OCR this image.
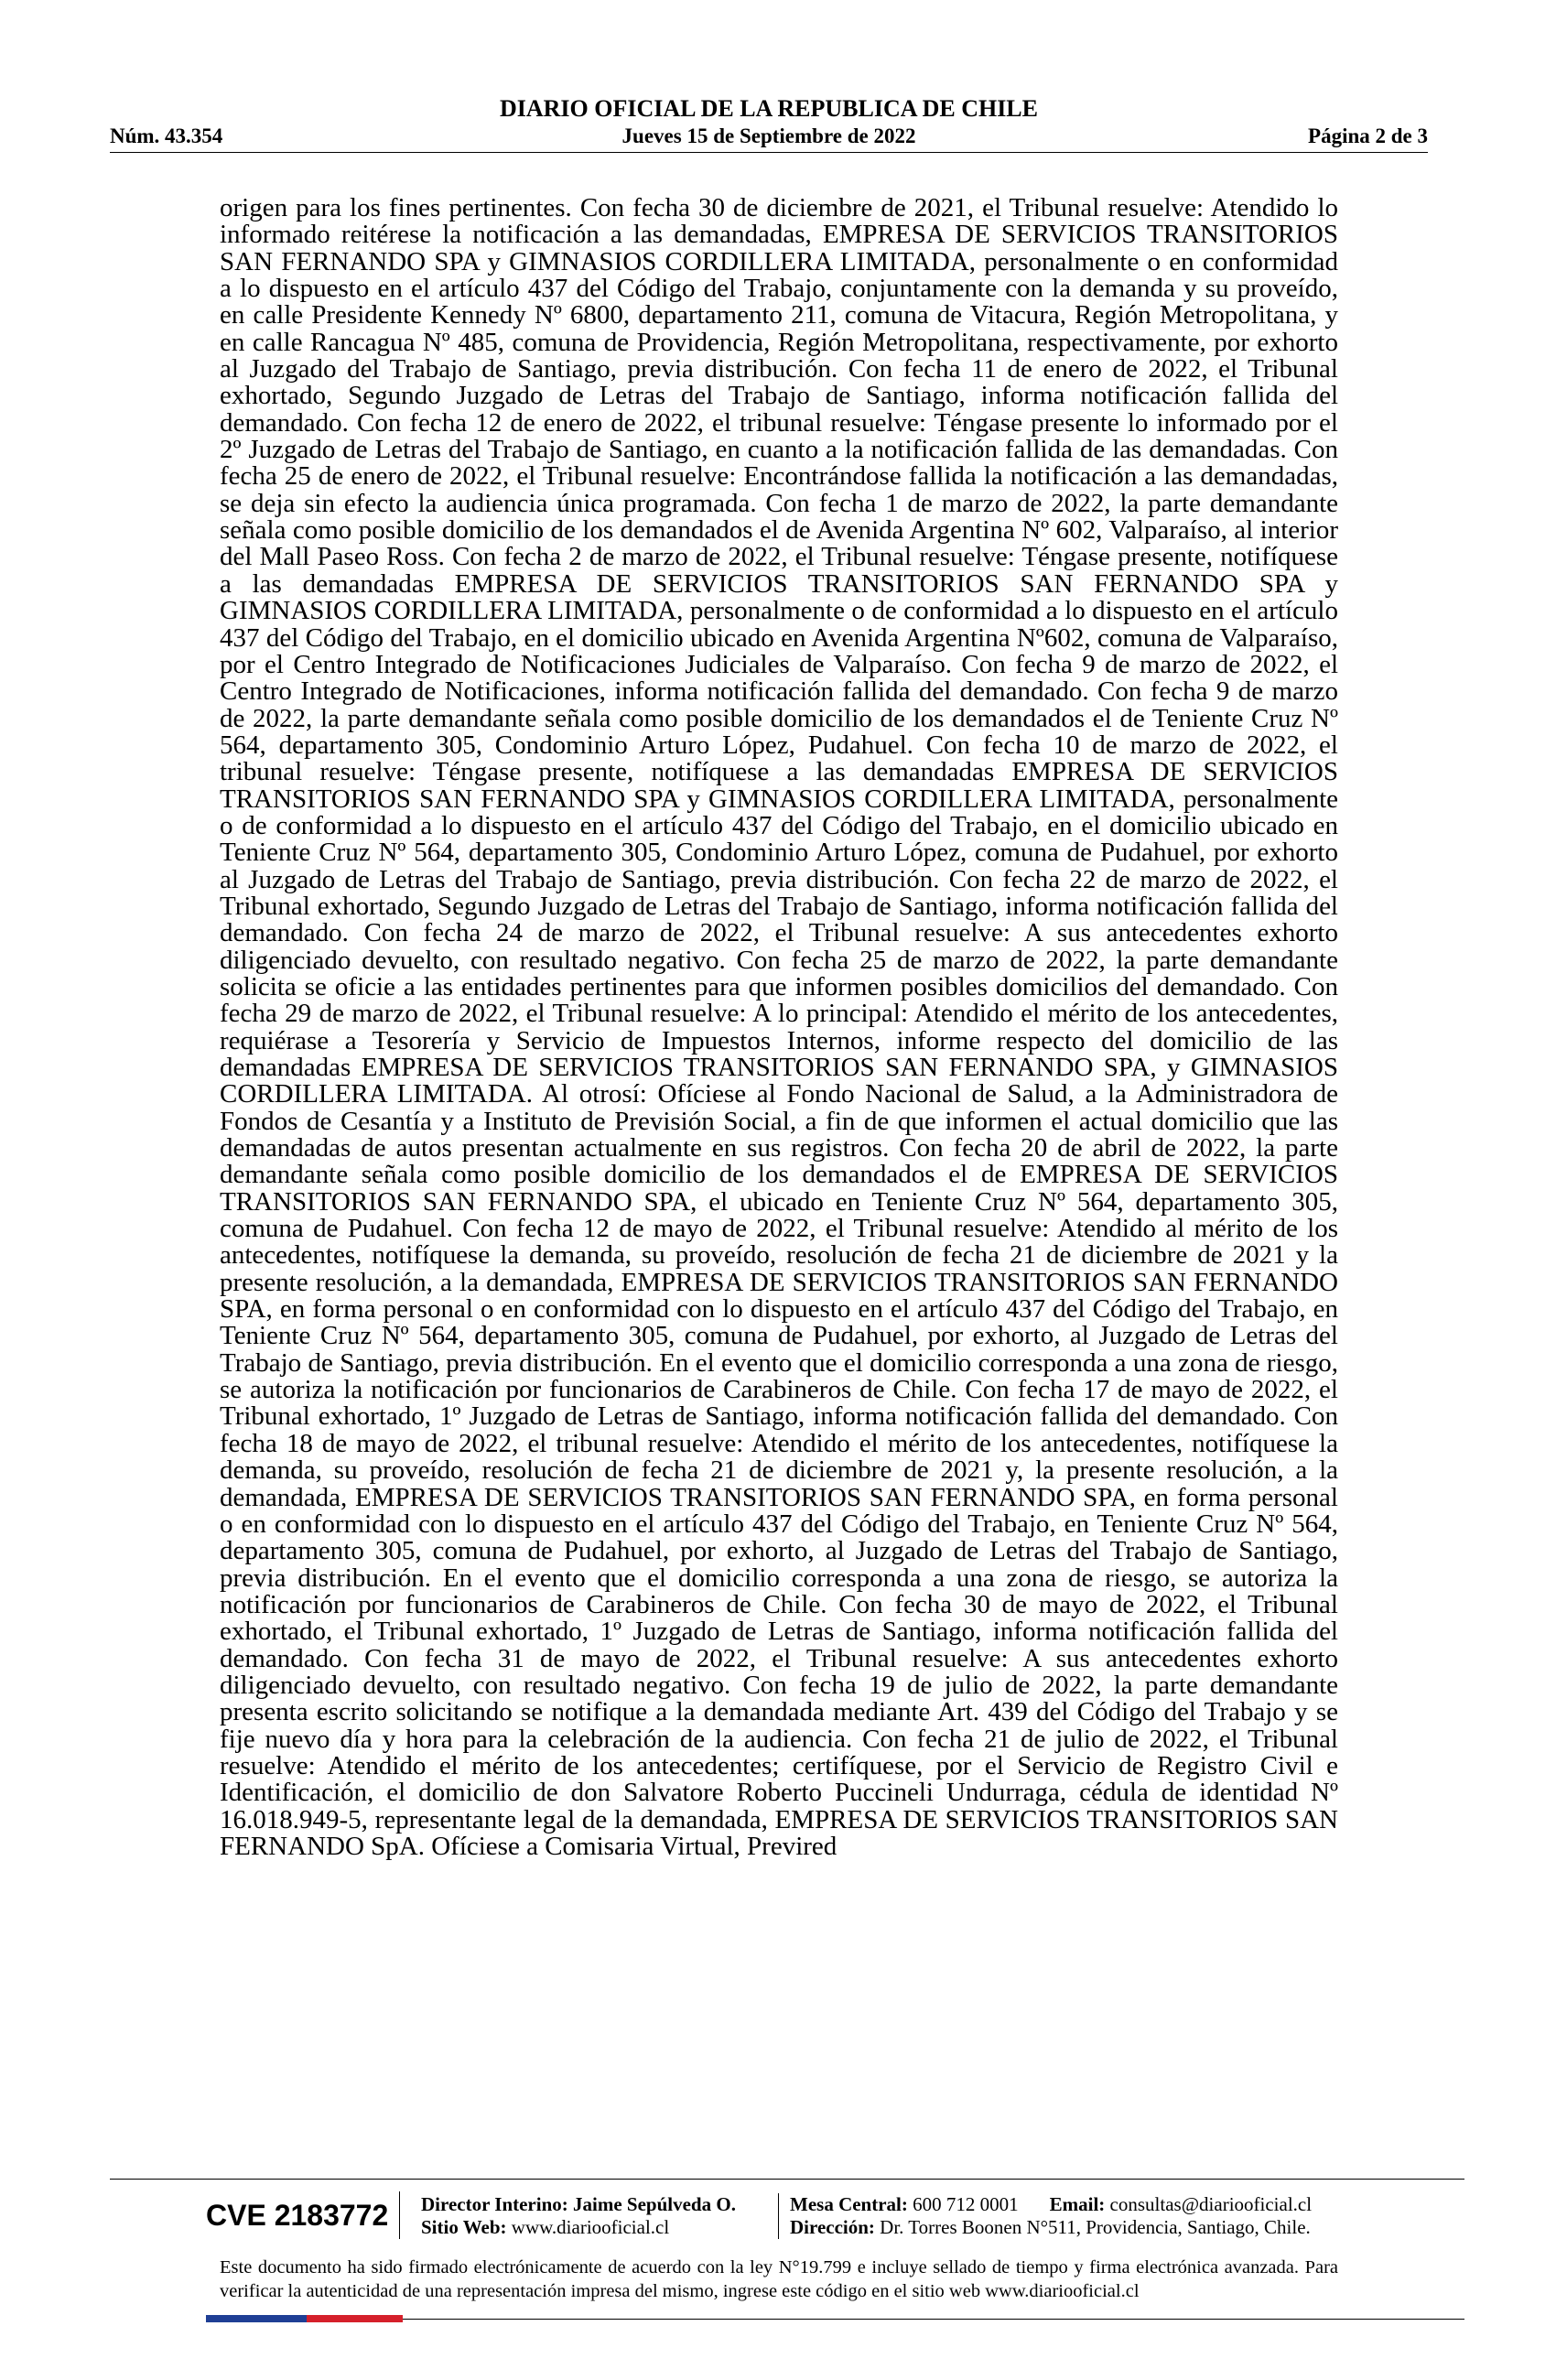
DIARIO OFICIAL DE LA REPUBLICA DE CHILE
Núm. 43.354	Jueves 15 de Septiembre de 2022	Página 2 de 3

origen para los fines pertinentes. Con fecha 30 de diciembre de 2021, el Tribunal resuelve: Atendido lo informado reitérese la notificación a las demandadas, EMPRESA DE SERVICIOS TRANSITORIOS SAN FERNANDO SPA y GIMNASIOS CORDILLERA LIMITADA, personalmente o en conformidad a lo dispuesto en el artículo 437 del Código del Trabajo, conjuntamente con la demanda y su proveído, en calle Presidente Kennedy Nº 6800, departamento 211, comuna de Vitacura, Región Metropolitana, y en calle Rancagua Nº 485, comuna de Providencia, Región Metropolitana, respectivamente, por exhorto al Juzgado del Trabajo de Santiago, previa distribución. Con fecha 11 de enero de 2022, el Tribunal exhortado, Segundo Juzgado de Letras del Trabajo de Santiago, informa notificación fallida del demandado. Con fecha 12 de enero de 2022, el tribunal resuelve: Téngase presente lo informado por el 2º Juzgado de Letras del Trabajo de Santiago, en cuanto a la notificación fallida de las demandadas. Con fecha 25 de enero de 2022, el Tribunal resuelve: Encontrándose fallida la notificación a las demandadas, se deja sin efecto la audiencia única programada. Con fecha 1 de marzo de 2022, la parte demandante señala como posible domicilio de los demandados el de Avenida Argentina Nº 602, Valparaíso, al interior del Mall Paseo Ross. Con fecha 2 de marzo de 2022, el Tribunal resuelve: Téngase presente, notifíquese a las demandadas EMPRESA DE SERVICIOS TRANSITORIOS SAN FERNANDO SPA y GIMNASIOS CORDILLERA LIMITADA, personalmente o de conformidad a lo dispuesto en el artículo 437 del Código del Trabajo, en el domicilio ubicado en Avenida Argentina Nº602, comuna de Valparaíso, por el Centro Integrado de Notificaciones Judiciales de Valparaíso. Con fecha 9 de marzo de 2022, el Centro Integrado de Notificaciones, informa notificación fallida del demandado. Con fecha 9 de marzo de 2022, la parte demandante señala como posible domicilio de los demandados el de Teniente Cruz Nº 564, departamento 305, Condominio Arturo López, Pudahuel. Con fecha 10 de marzo de 2022, el tribunal resuelve: Téngase presente, notifíquese a las demandadas EMPRESA DE SERVICIOS TRANSITORIOS SAN FERNANDO SPA y GIMNASIOS CORDILLERA LIMITADA, personalmente o de conformidad a lo dispuesto en el artículo 437 del Código del Trabajo, en el domicilio ubicado en Teniente Cruz Nº 564, departamento 305, Condominio Arturo López, comuna de Pudahuel, por exhorto al Juzgado de Letras del Trabajo de Santiago, previa distribución. Con fecha 22 de marzo de 2022, el Tribunal exhortado, Segundo Juzgado de Letras del Trabajo de Santiago, informa notificación fallida del demandado. Con fecha 24 de marzo de 2022, el Tribunal resuelve: A sus antecedentes exhorto diligenciado devuelto, con resultado negativo. Con fecha 25 de marzo de 2022, la parte demandante solicita se oficie a las entidades pertinentes para que informen posibles domicilios del demandado. Con fecha 29 de marzo de 2022, el Tribunal resuelve: A lo principal: Atendido el mérito de los antecedentes, requiérase a Tesorería y Servicio de Impuestos Internos, informe respecto del domicilio de las demandadas EMPRESA DE SERVICIOS TRANSITORIOS SAN FERNANDO SPA, y GIMNASIOS CORDILLERA LIMITADA. Al otrosí: Ofíciese al Fondo Nacional de Salud, a la Administradora de Fondos de Cesantía y a Instituto de Previsión Social, a fin de que informen el actual domicilio que las demandadas de autos presentan actualmente en sus registros. Con fecha 20 de abril de 2022, la parte demandante señala como posible domicilio de los demandados el de EMPRESA DE SERVICIOS TRANSITORIOS SAN FERNANDO SPA, el ubicado en Teniente Cruz Nº 564, departamento 305, comuna de Pudahuel. Con fecha 12 de mayo de 2022, el Tribunal resuelve: Atendido al mérito de los antecedentes, notifíquese la demanda, su proveído, resolución de fecha 21 de diciembre de 2021 y la presente resolución, a la demandada, EMPRESA DE SERVICIOS TRANSITORIOS SAN FERNANDO SPA, en forma personal o en conformidad con lo dispuesto en el artículo 437 del Código del Trabajo, en Teniente Cruz Nº 564, departamento 305, comuna de Pudahuel, por exhorto, al Juzgado de Letras del Trabajo de Santiago, previa distribución. En el evento que el domicilio corresponda a una zona de riesgo, se autoriza la notificación por funcionarios de Carabineros de Chile. Con fecha 17 de mayo de 2022, el Tribunal exhortado, 1º Juzgado de Letras de Santiago, informa notificación fallida del demandado. Con fecha 18 de mayo de 2022, el tribunal resuelve: Atendido el mérito de los antecedentes, notifíquese la demanda, su proveído, resolución de fecha 21 de diciembre de 2021 y, la presente resolución, a la demandada, EMPRESA DE SERVICIOS TRANSITORIOS SAN FERNANDO SPA, en forma personal o en conformidad con lo dispuesto en el artículo 437 del Código del Trabajo, en Teniente Cruz Nº 564, departamento 305, comuna de Pudahuel, por exhorto, al Juzgado de Letras del Trabajo de Santiago, previa distribución. En el evento que el domicilio corresponda a una zona de riesgo, se autoriza la notificación por funcionarios de Carabineros de Chile. Con fecha 30 de mayo de 2022, el Tribunal exhortado, el Tribunal exhortado, 1º Juzgado de Letras de Santiago, informa notificación fallida del demandado. Con fecha 31 de mayo de 2022, el Tribunal resuelve: A sus antecedentes exhorto diligenciado devuelto, con resultado negativo. Con fecha 19 de julio de 2022, la parte demandante presenta escrito solicitando se notifique a la demandada mediante Art. 439 del Código del Trabajo y se fije nuevo día y hora para la celebración de la audiencia. Con fecha 21 de julio de 2022, el Tribunal resuelve: Atendido el mérito de los antecedentes; certifíquese, por el Servicio de Registro Civil e Identificación, el domicilio de don Salvatore Roberto Puccineli Undurraga, cédula de identidad Nº 16.018.949-5, representante legal de la demandada, EMPRESA DE SERVICIOS TRANSITORIOS SAN FERNANDO SpA. Ofíciese a Comisaria Virtual, Previred

CVE 2183772	Director Interino: Jaime Sepúlveda O.
Sitio Web: www.diariooficial.cl
Mesa Central: 600 712 0001 Email: consultas@diariooficial.cl
Dirección: Dr. Torres Boonen N°511, Providencia, Santiago, Chile.
Este documento ha sido firmado electrónicamente de acuerdo con la ley N°19.799 e incluye sellado de tiempo y firma electrónica avanzada. Para verificar la autenticidad de una representación impresa del mismo, ingrese este código en el sitio web www.diariooficial.cl
